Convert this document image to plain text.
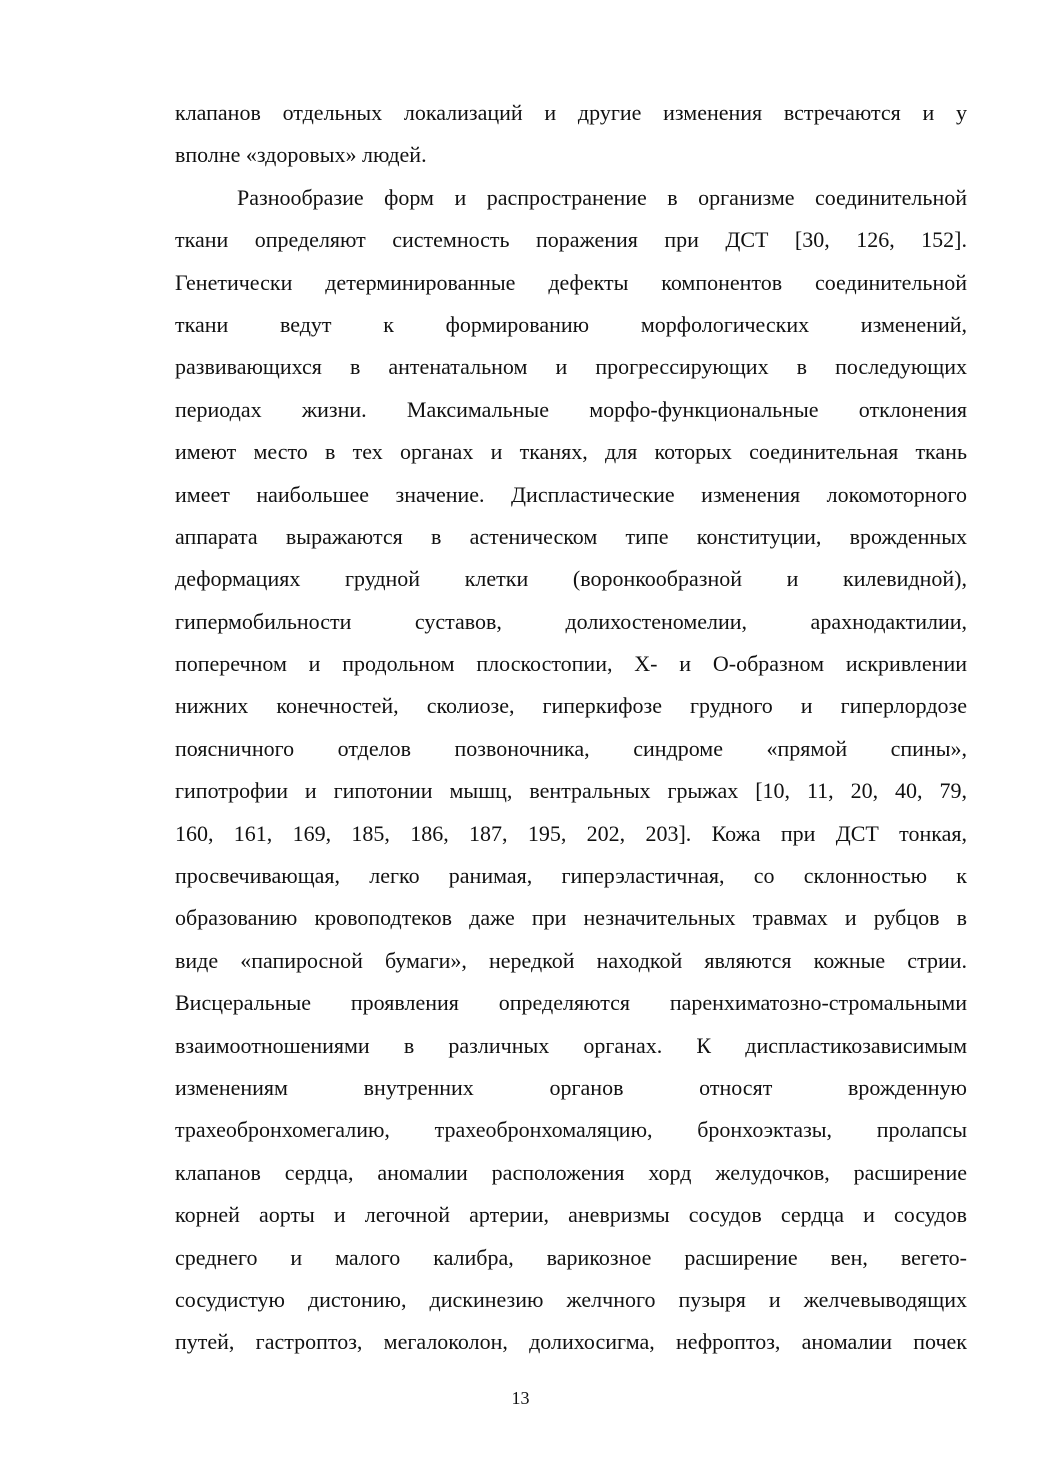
клапанов отдельных локализаций и другие изменения встречаются и у
вполне «здоровых» людей.
Разнообразие форм и распространение в организме соединительной
ткани определяют системность поражения при ДСТ [30, 126, 152].
Генетически детерминированные дефекты компонентов соединительной
ткани ведут к формированию морфологических изменений,
развивающихся в антенатальном и прогрессирующих в последующих
периодах жизни. Максимальные морфо-функциональные отклонения
имеют место в тех органах и тканях, для которых соединительная ткань
имеет наибольшее значение. Диспластические изменения локомоторного
аппарата выражаются в астеническом типе конституции, врожденных
деформациях грудной клетки (воронкообразной и килевидной),
гипермобильности суставов, долихостеномелии, арахнодактилии,
поперечном и продольном плоскостопии, Х- и О-образном искривлении
нижних конечностей, сколиозе, гиперкифозе грудного и гиперлордозе
поясничного отделов позвоночника, синдроме «прямой спины»,
гипотрофии и гипотонии мышц, вентральных грыжах [10, 11, 20, 40, 79,
160, 161, 169, 185, 186, 187, 195, 202, 203]. Кожа при ДСТ тонкая,
просвечивающая, легко ранимая, гиперэластичная, со склонностью к
образованию кровоподтеков даже при незначительных травмах и рубцов в
виде «папиросной бумаги», нередкой находкой являются кожные стрии.
Висцеральные проявления определяются паренхиматозно-стромальными
взаимоотношениями в различных органах. К диспластикозависимым
изменениям внутренних органов относят врожденную
трахеобронхомегалию, трахеобронхомаляцию, бронхоэктазы, пролапсы
клапанов сердца, аномалии расположения хорд желудочков, расширение
корней аорты и легочной артерии, аневризмы сосудов сердца и сосудов
среднего и малого калибра, варикозное расширение вен, вегето-
сосудистую дистонию, дискинезию желчного пузыря и желчевыводящих
путей, гастроптоз, мегалоколон, долихосигма, нефроптоз, аномалии почек
13
